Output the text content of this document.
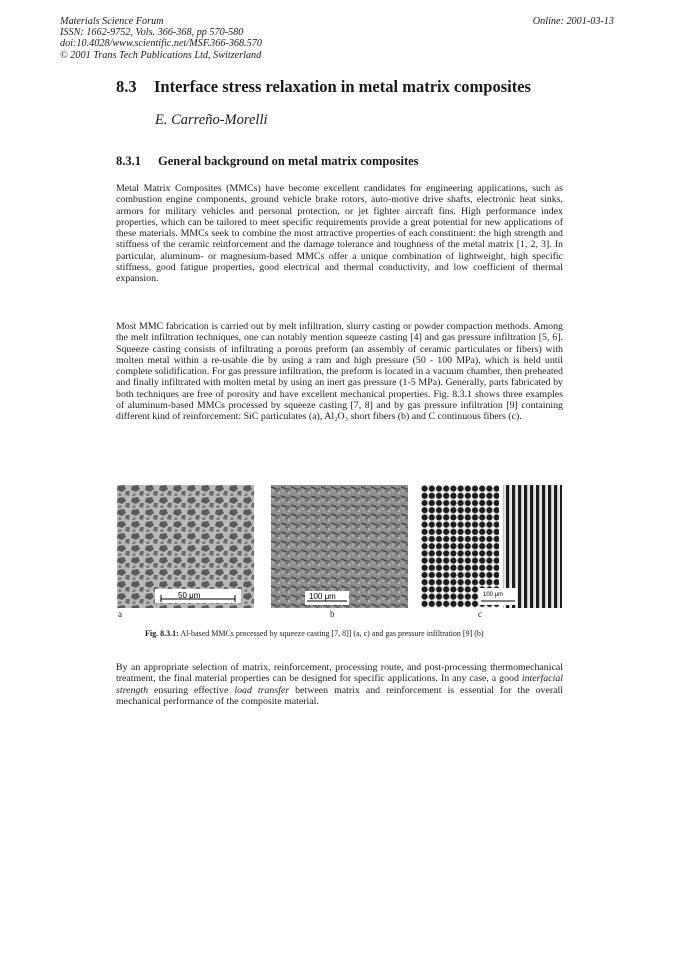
Materials Science Forum
ISSN: 1662-9752, Vols. 366-368, pp 570-580
doi:10.4028/www.scientific.net/MSF.366-368.570
© 2001 Trans Tech Publications Ltd, Switzerland
Online: 2001-03-13
8.3 Interface stress relaxation in metal matrix composites
E. Carreño-Morelli
8.3.1 General background on metal matrix composites

Metal Matrix Composites (MMCs) have become excellent candidates for engineering applications, such as combustion engine components, ground vehicle brake rotors, auto-motive drive shafts, electronic heat sinks, armors for military vehicles and personal protection, or jet fighter aircraft fins. High performance index properties, which can be tailored to meet specific requirements provide a great potential for new applications of these materials. MMCs seek to combine the most attractive properties of each constituent: the high strength and stiffness of the ceramic reinforcement and the damage tolerance and toughness of the metal matrix [1, 2, 3]. In particular, aluminum- or magnesium-based MMCs offer a unique combination of lightweight, high specific stiffness, good fatigue properties, good electrical and thermal conductivity, and low coefficient of thermal expansion.

Most MMC fabrication is carried out by melt infiltration, slurry casting or powder compaction methods. Among the melt infiltration techniques, one can notably mention squeeze casting [4] and gas pressure infiltration [5, 6]. Squeeze casting consists of infiltrating a porous preform (an assembly of ceramic particulates or fibers) with molten metal within a re-usable die by using a ram and high pressure (50 - 100 MPa), which is held until complete solidification. For gas pressure infiltration, the preform is located in a vacuum chamber, then preheated and finally infiltrated with molten metal by using an inert gas pressure (1-5 MPa). Generally, parts fabricated by both techniques are free of porosity and have excellent mechanical properties. Fig. 8.3.1 shows three examples of aluminum-based MMCs processed by squeeze casting [7, 8] and by gas pressure infiltration [9] containing different kind of reinforcement: SiC particulates (a), Al₂O₃ short fibers (b) and C continuous fibers (c).

50 μm	100 μm	100 μm
a	b	c
Fig. 8.3.1: Al-based MMCs processed by squeeze casting [7, 8]] (a, c) and gas pressure infiltration [9] (b)

By an appropriate selection of matrix, reinforcement, processing route, and post-processing thermomechanical treatment, the final material properties can be designed for specific applications. In any case, a good interfacial strength ensuring effective load transfer between matrix and reinforcement is essential for the overall mechanical performance of the composite material.
